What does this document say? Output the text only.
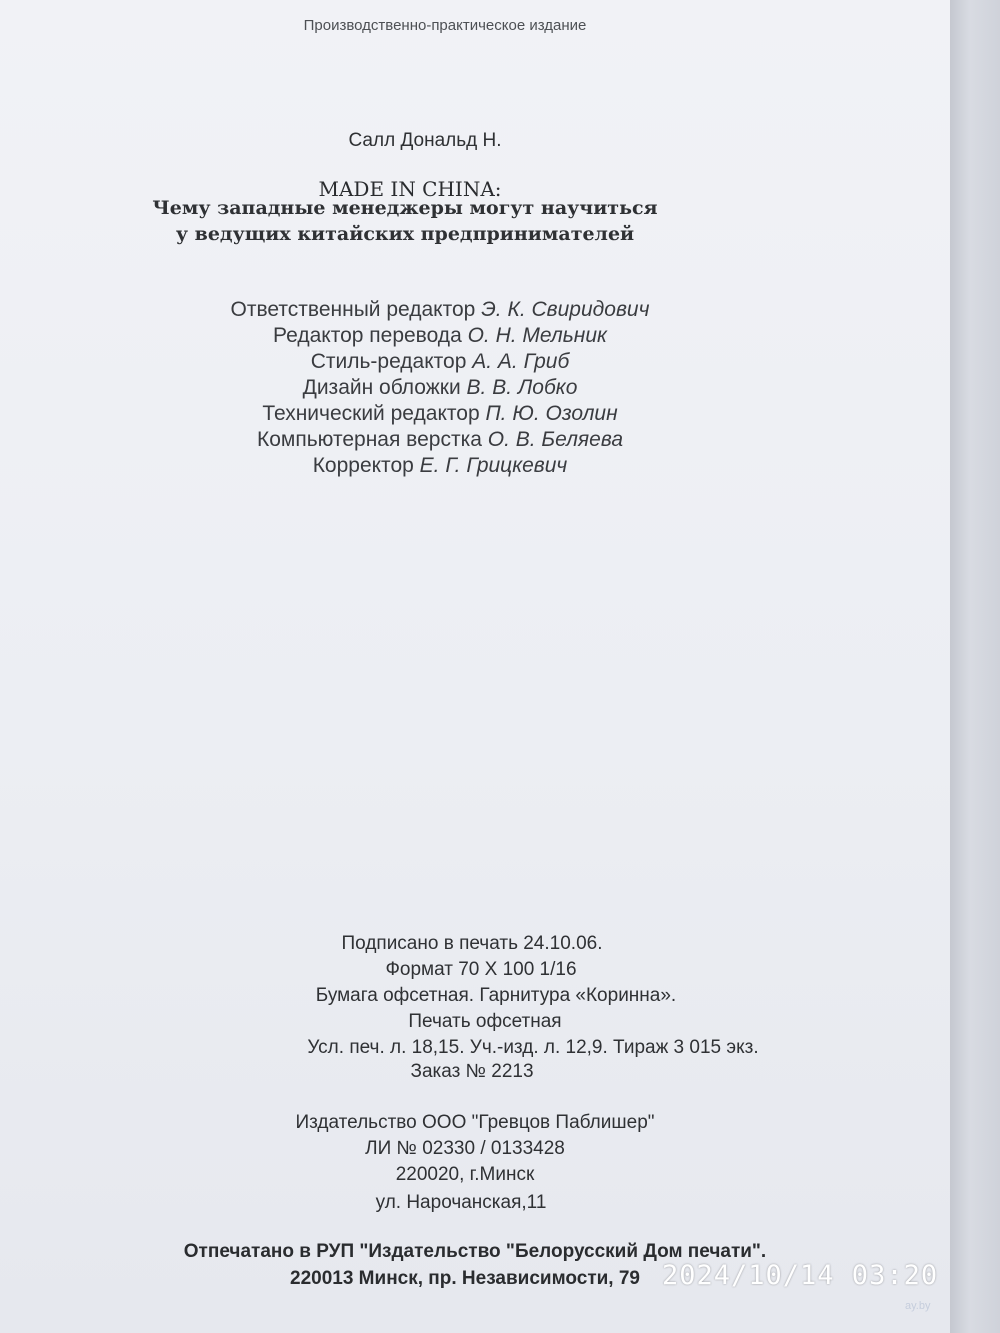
Производственно-практическое издание
Салл Дональд Н.
MADE IN CHINA:
Чему западные менеджеры могут научиться
у ведущих китайских предпринимателей
Ответственный редактор Э. К. Свиридович
Редактор перевода О. Н. Мельник
Стиль-редактор А. А. Гриб
Дизайн обложки В. В. Лобко
Технический редактор П. Ю. Озолин
Компьютерная верстка О. В. Беляева
Корректор Е. Г. Грицкевич
Подписано в печать 24.10.06.
Формат 70 Х 100 1/16
Бумага офсетная. Гарнитура «Коринна».
Печать офсетная
Усл. печ. л. 18,15. Уч.-изд. л. 12,9. Тираж 3 015 экз.
Заказ № 2213
Издательство ООО "Гревцов Паблишер"
ЛИ № 02330 / 0133428
220020, г.Минск
ул. Нарочанская,11
Отпечатано в РУП "Издательство "Белорусский Дом печати".
220013 Минск, пр. Независимости, 79 2024/10/14 03:20
ay.by
